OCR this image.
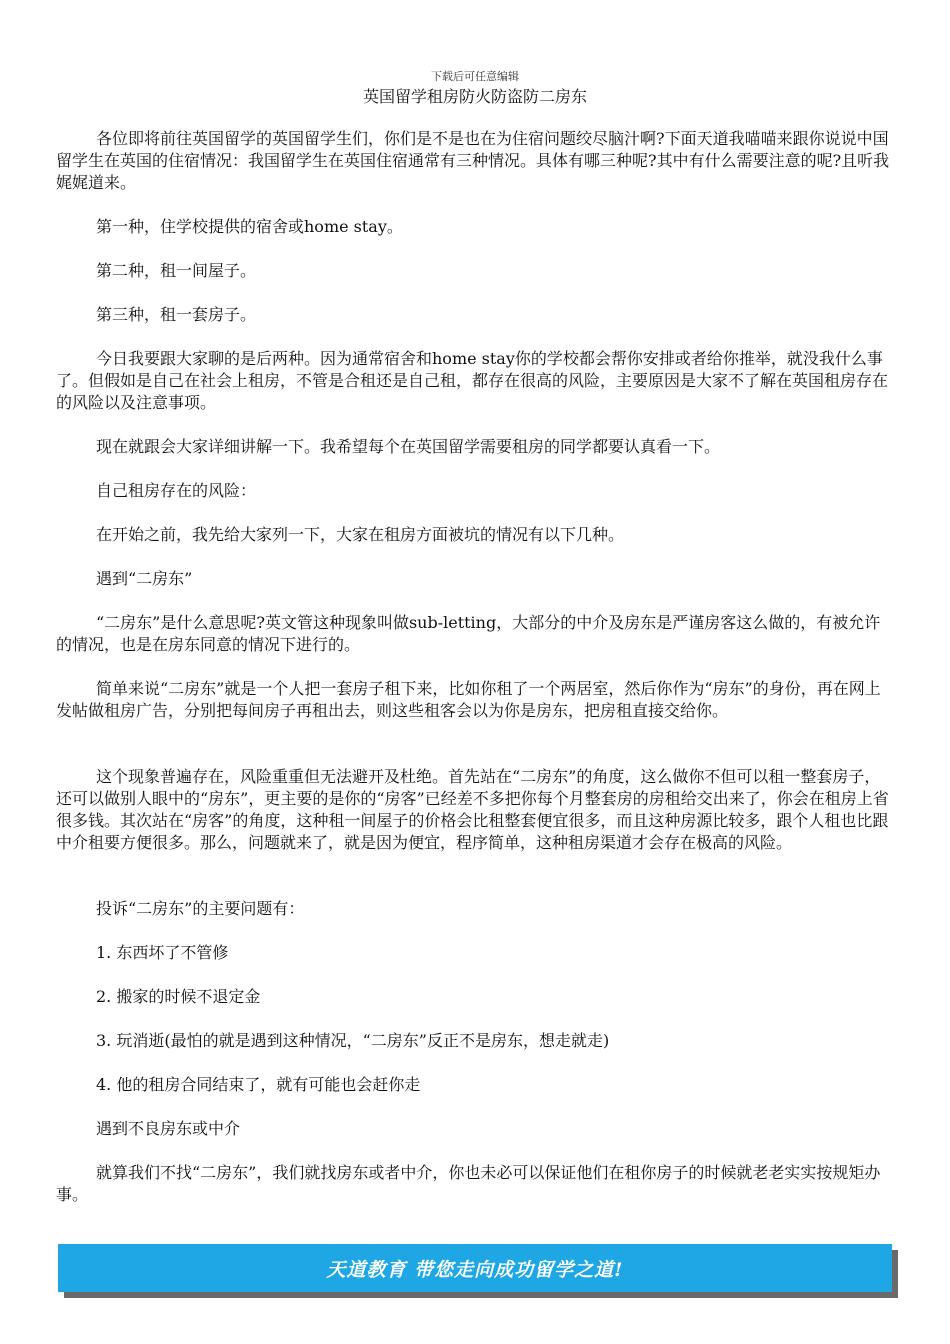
下载后可任意编辑
英国留学租房防火防盗防二房东

各位即将前往英国留学的英国留学生们，你们是不是也在为住宿问题绞尽脑汁啊?下面天道我喵喵来跟你说说中国留学生在英国的住宿情况：我国留学生在英国住宿通常有三种情况。具体有哪三种呢?其中有什么需要注意的呢?且听我娓娓道来。

第一种，住学校提供的宿舍或home stay。

第二种，租一间屋子。

第三种，租一套房子。

今日我要跟大家聊的是后两种。因为通常宿舍和home stay你的学校都会帮你安排或者给你推举，就没我什么事了。但假如是自己在社会上租房，不管是合租还是自己租，都存在很高的风险，主要原因是大家不了解在英国租房存在的风险以及注意事项。

现在就跟会大家详细讲解一下。我希望每个在英国留学需要租房的同学都要认真看一下。

自己租房存在的风险：

在开始之前，我先给大家列一下，大家在租房方面被坑的情况有以下几种。

遇到“二房东”

“二房东”是什么意思呢?英文管这种现象叫做sub-letting，大部分的中介及房东是严谨房客这么做的，有被允许的情况，也是在房东同意的情况下进行的。

简单来说“二房东”就是一个人把一套房子租下来，比如你租了一个两居室，然后你作为“房东”的身份，再在网上发帖做租房广告，分别把每间房子再租出去，则这些租客会以为你是房东，把房租直接交给你。

这个现象普遍存在，风险重重但无法避开及杜绝。首先站在“二房东”的角度，这么做你不但可以租一整套房子，还可以做别人眼中的“房东”，更主要的是你的“房客”已经差不多把你每个月整套房的房租给交出来了，你会在租房上省很多钱。其次站在“房客”的角度，这种租一间屋子的价格会比租整套便宜很多，而且这种房源比较多，跟个人租也比跟中介租要方便很多。那么，问题就来了，就是因为便宜，程序简单，这种租房渠道才会存在极高的风险。

投诉“二房东”的主要问题有：

1. 东西坏了不管修

2. 搬家的时候不退定金

3. 玩消逝(最怕的就是遇到这种情况，“二房东”反正不是房东，想走就走)

4. 他的租房合同结束了，就有可能也会赶你走

遇到不良房东或中介

就算我们不找“二房东”，我们就找房东或者中介，你也未必可以保证他们在租你房子的时候就老老实实按规矩办事。

天道教育 带您走向成功留学之道!
